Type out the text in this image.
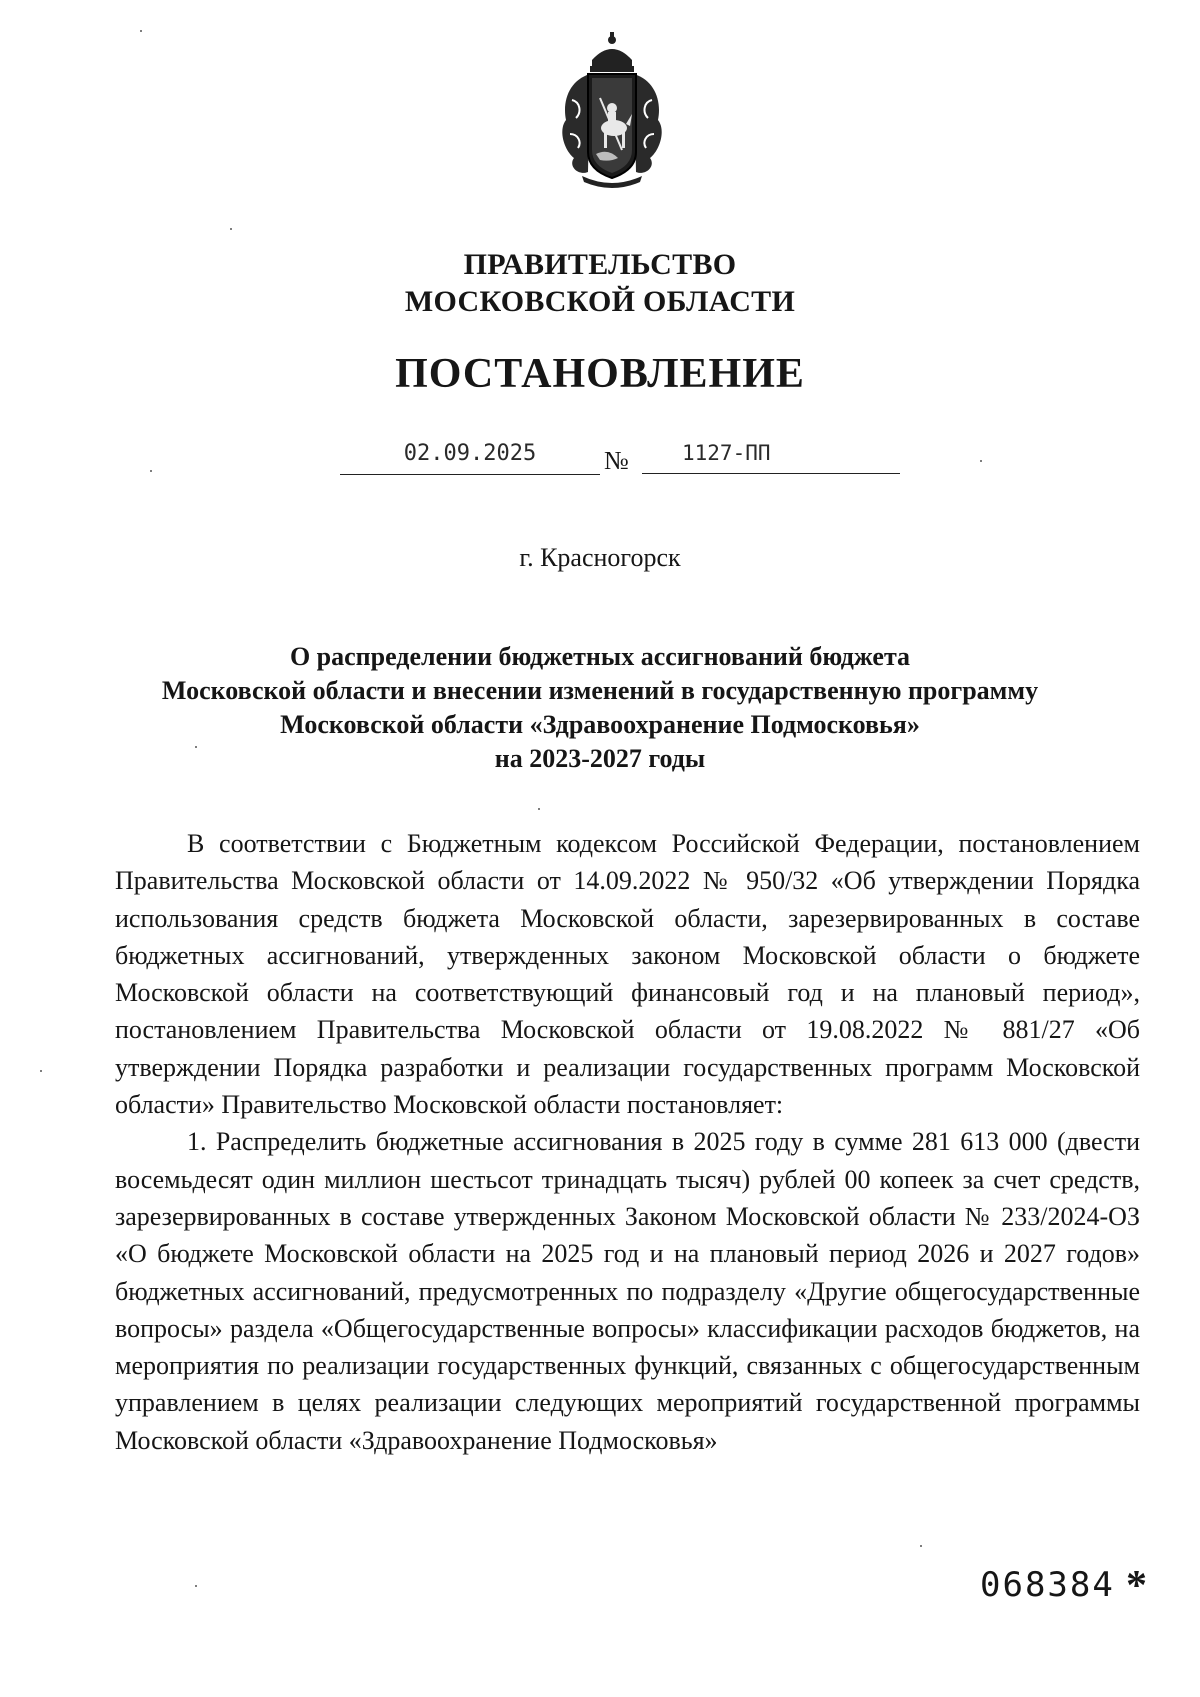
ПРАВИТЕЛЬСТВО
МОСКОВСКОЙ ОБЛАСТИ
ПОСТАНОВЛЕНИЕ
02.09.2025	№	1127-ПП
г. Красногорск
О распределении бюджетных ассигнований бюджета
Московской области и внесении изменений в государственную программу
Московской области «Здравоохранение Подмосковья»
на 2023-2027 годы

В соответствии с Бюджетным кодексом Российской Федерации, постановлением Правительства Московской области от 14.09.2022 № 950/32 «Об утверждении Порядка использования средств бюджета Московской области, зарезервированных в составе бюджетных ассигнований, утвержденных законом Московской области о бюджете Московской области на соответствующий финансовый год и на плановый период», постановлением Правительства Московской области от 19.08.2022 № 881/27 «Об утверждении Порядка разработки и реализации государственных программ Московской области» Правительство Московской области постановляет:

1. Распределить бюджетные ассигнования в 2025 году в сумме 281 613 000 (двести восемьдесят один миллион шестьсот тринадцать тысяч) рублей 00 копеек за счет средств, зарезервированных в составе утвержденных Законом Московской области № 233/2024-ОЗ «О бюджете Московской области на 2025 год и на плановый период 2026 и 2027 годов» бюджетных ассигнований, предусмотренных по подразделу «Другие общегосударственные вопросы» раздела «Общегосударственные вопросы» классификации расходов бюджетов, на мероприятия по реализации государственных функций, связанных с общегосударственным управлением в целях реализации следующих мероприятий государственной программы Московской области «Здравоохранение Подмосковья»

068384 *
